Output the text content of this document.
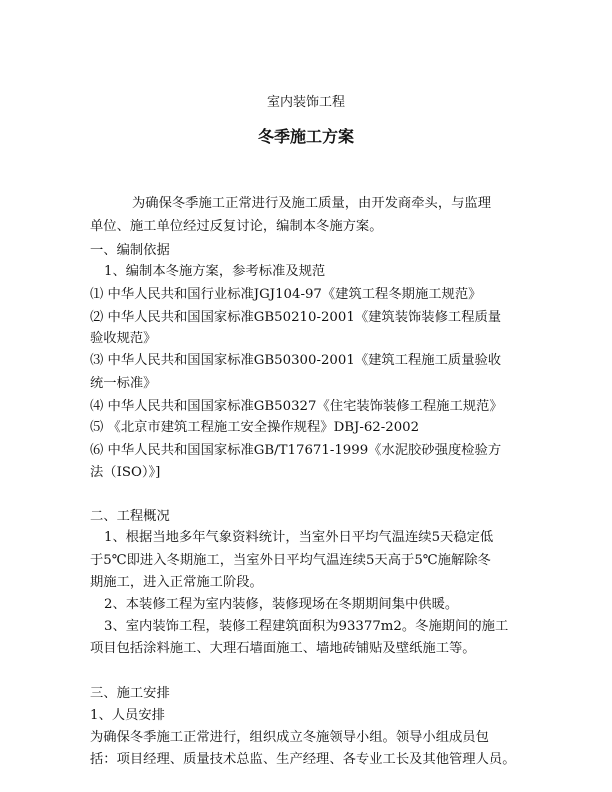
室内装饰工程
冬季施工方案
为确保冬季施工正常进行及施工质量，由开发商牵头，与监理
单位、施工单位经过反复讨论，编制本冬施方案。
一、编制依据
1、编制本冬施方案，参考标准及规范
⑴ 中华人民共和国行业标准JGJ104-97《建筑工程冬期施工规范》
⑵ 中华人民共和国国家标准GB50210-2001《建筑装饰装修工程质量
验收规范》
⑶ 中华人民共和国国家标准GB50300-2001《建筑工程施工质量验收
统一标准》
⑷ 中华人民共和国国家标准GB50327《住宅装饰装修工程施工规范》
⑸ 《北京市建筑工程施工安全操作规程》DBJ-62-2002
⑹ 中华人民共和国国家标准GB/T17671-1999《水泥胶砂强度检验方
法（ISO）》]
二、工程概况
1、根据当地多年气象资料统计，当室外日平均气温连续5天稳定低
于5℃即进入冬期施工，当室外日平均气温连续5天高于5℃施解除冬
期施工，进入正常施工阶段。
2、本装修工程为室内装修，装修现场在冬期期间集中供暖。
3、室内装饰工程，装修工程建筑面积为93377m2。冬施期间的施工
项目包括涂料施工、大理石墙面施工、墙地砖铺贴及壁纸施工等。
三、施工安排
1、人员安排
为确保冬季施工正常进行，组织成立冬施领导小组。领导小组成员包
括：项目经理、质量技术总监、生产经理、各专业工长及其他管理人员。
